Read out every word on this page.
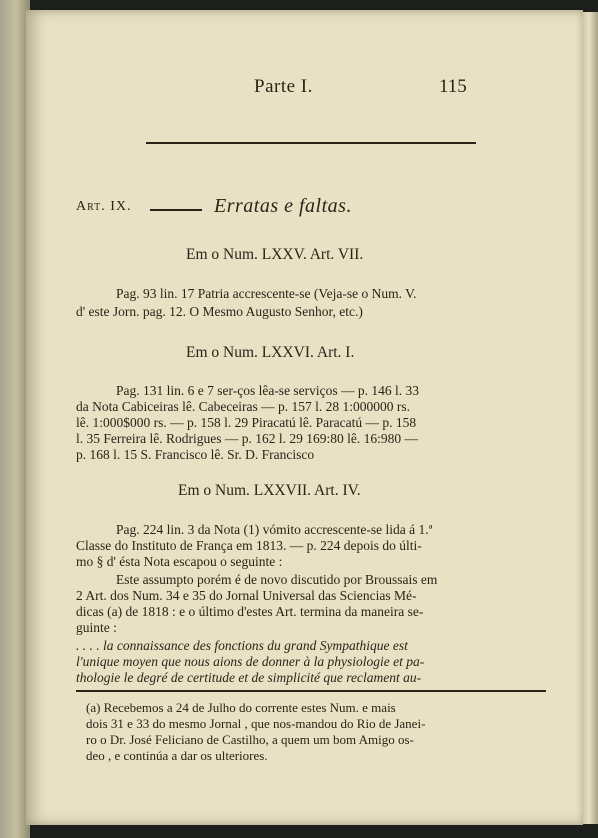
Parte I.	115
Art. IX.	Erratas e faltas.
Em o Num. LXXV. Art. VII.
Pag. 93 lin. 17 Patria accrescente-se (Veja-se o Num. V.
d' este Jorn. pag. 12. O Mesmo Augusto Senhor, etc.)
Em o Num. LXXVI. Art. I.
Pag. 131 lin. 6 e 7 ser-ços lêa-se serviços — p. 146 l. 33
da Nota Cabiceiras lê. Cabeceiras — p. 157 l. 28 1:000000 rs.
lê. 1:000$000 rs. — p. 158 l. 29 Piracatú lê. Paracatú — p. 158
l. 35 Ferreira lê. Rodrigues — p. 162 l. 29 169:80 lê. 16:980 —
p. 168 l. 15 S. Francisco lê. Sr. D. Francisco
Em o Num. LXXVII. Art. IV.
Pag. 224 lin. 3 da Nota (1) vómito accrescente-se lida á 1.ª
Classe do Instituto de França em 1813. — p. 224 depois do últi-
mo § d' ésta Nota escapou o seguinte :
Este assumpto porém é de novo discutido por Broussais em
2 Art. dos Num. 34 e 35 do Jornal Universal das Sciencias Mé-
dicas (a) de 1818 : e o último d'estes Art. termina da maneira se-
guinte :
. . . . la connaissance des fonctions du grand Sympathique est
l'unique moyen que nous aions de donner à la physiologie et pa-
thologie le degré de certitude et de simplicité que reclament au-
(a) Recebemos a 24 de Julho do corrente estes Num. e mais
dois 31 e 33 do mesmo Jornal , que nos-mandou do Rio de Janei-
ro o Dr. José Feliciano de Castilho, a quem um bom Amigo os-
deo , e continúa a dar os ulteriores.
